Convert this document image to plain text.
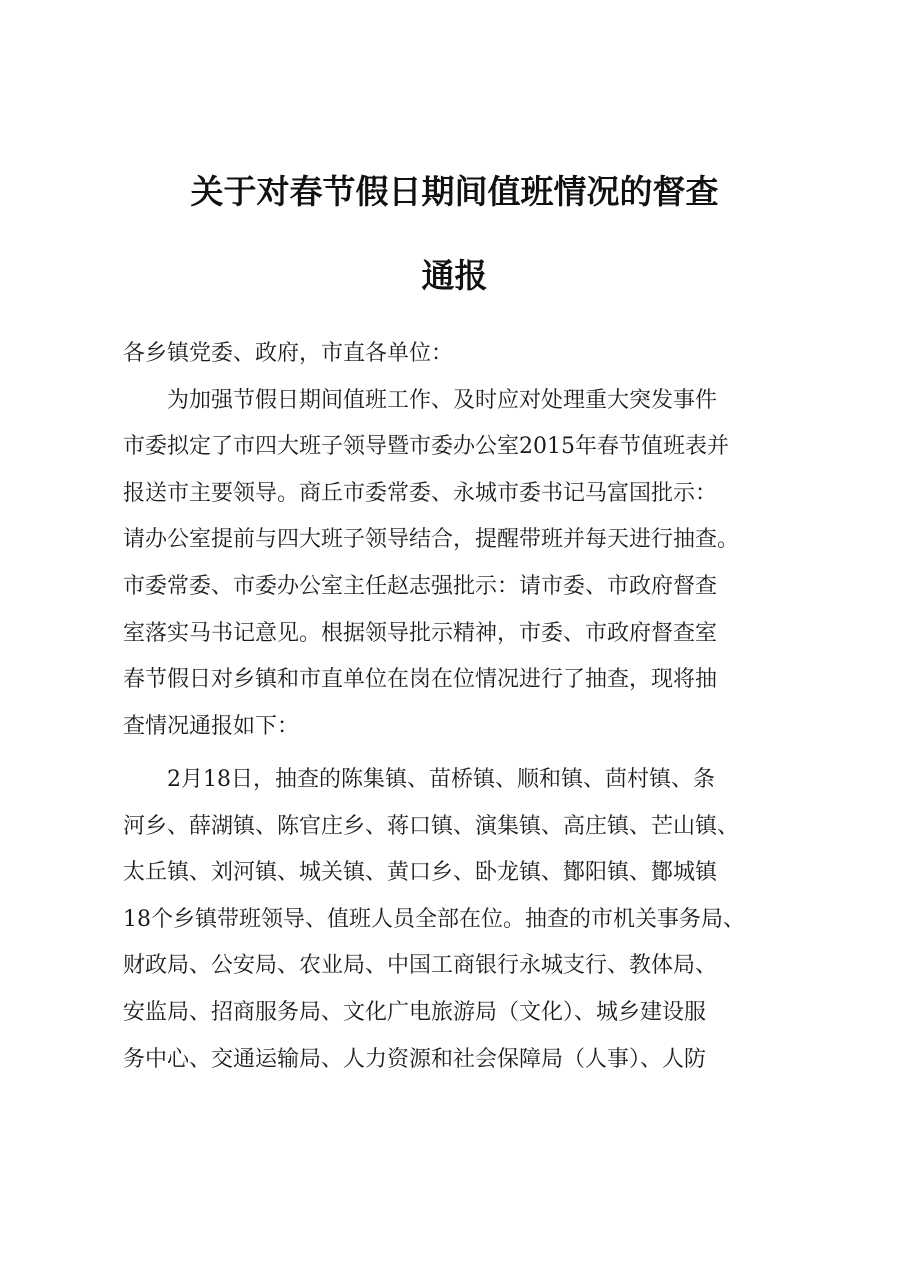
关于对春节假日期间值班情况的督查
通报
各乡镇党委、政府，市直各单位：
　　为加强节假日期间值班工作、及时应对处理重大突发事件
市委拟定了市四大班子领导暨市委办公室2015年春节值班表并
报送市主要领导。商丘市委常委、永城市委书记马富国批示：
请办公室提前与四大班子领导结合，提醒带班并每天进行抽查。
市委常委、市委办公室主任赵志强批示：请市委、市政府督查
室落实马书记意见。根据领导批示精神，市委、市政府督查室
春节假日对乡镇和市直单位在岗在位情况进行了抽查，现将抽
查情况通报如下：
　　2月18日，抽查的陈集镇、苗桥镇、顺和镇、茴村镇、条
河乡、薛湖镇、陈官庄乡、蒋口镇、演集镇、高庄镇、芒山镇、
太丘镇、刘河镇、城关镇、黄口乡、卧龙镇、鄼阳镇、鄼城镇
18个乡镇带班领导、值班人员全部在位。抽查的市机关事务局、
财政局、公安局、农业局、中国工商银行永城支行、教体局、
安监局、招商服务局、文化广电旅游局（文化）、城乡建设服
务中心、交通运输局、人力资源和社会保障局（人事）、人防
